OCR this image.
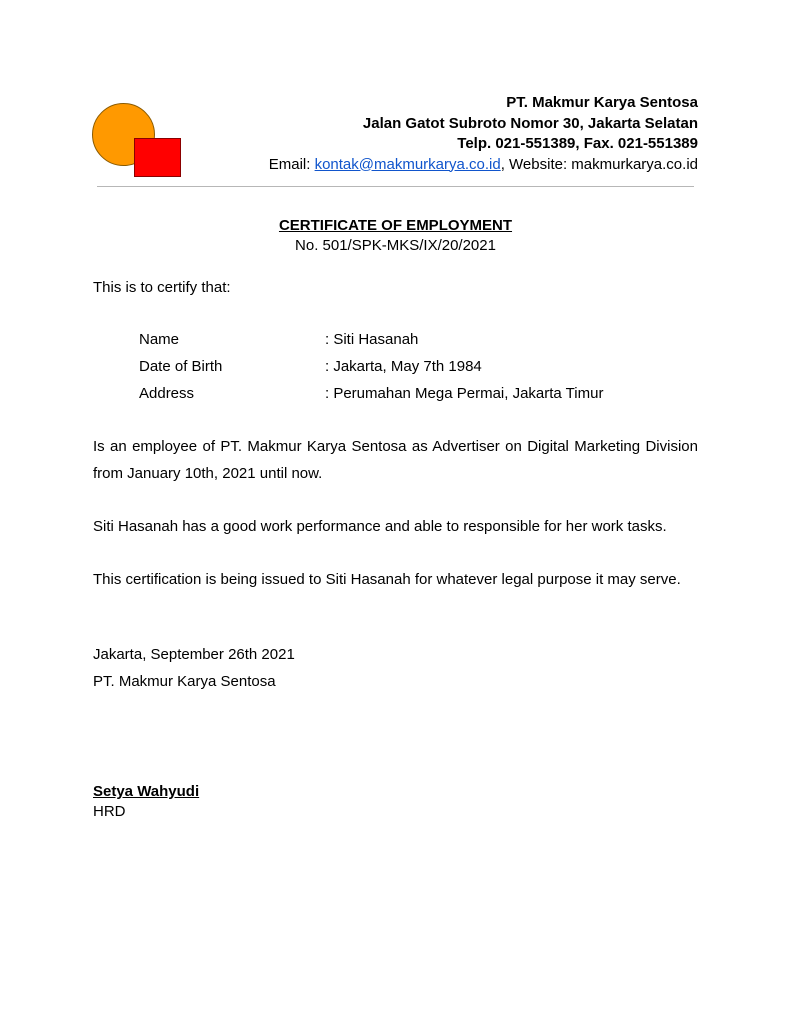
PT. Makmur Karya Sentosa
Jalan Gatot Subroto Nomor 30, Jakarta Selatan
Telp. 021-551389, Fax. 021-551389
Email: kontak@makmurkarya.co.id, Website: makmurkarya.co.id
CERTIFICATE OF EMPLOYMENT
No. 501/SPK-MKS/IX/20/2021
This is to certify that:
Name	: Siti Hasanah
Date of Birth	: Jakarta, May 7th 1984
Address	: Perumahan Mega Permai, Jakarta Timur
Is an employee of PT. Makmur Karya Sentosa as Advertiser on Digital Marketing Division from January 10th, 2021 until now.
Siti Hasanah has a good work performance and able to responsible for her work tasks.
This certification is being issued to Siti Hasanah for whatever legal purpose it may serve.
Jakarta, September 26th 2021
PT. Makmur Karya Sentosa
Setya Wahyudi
HRD
